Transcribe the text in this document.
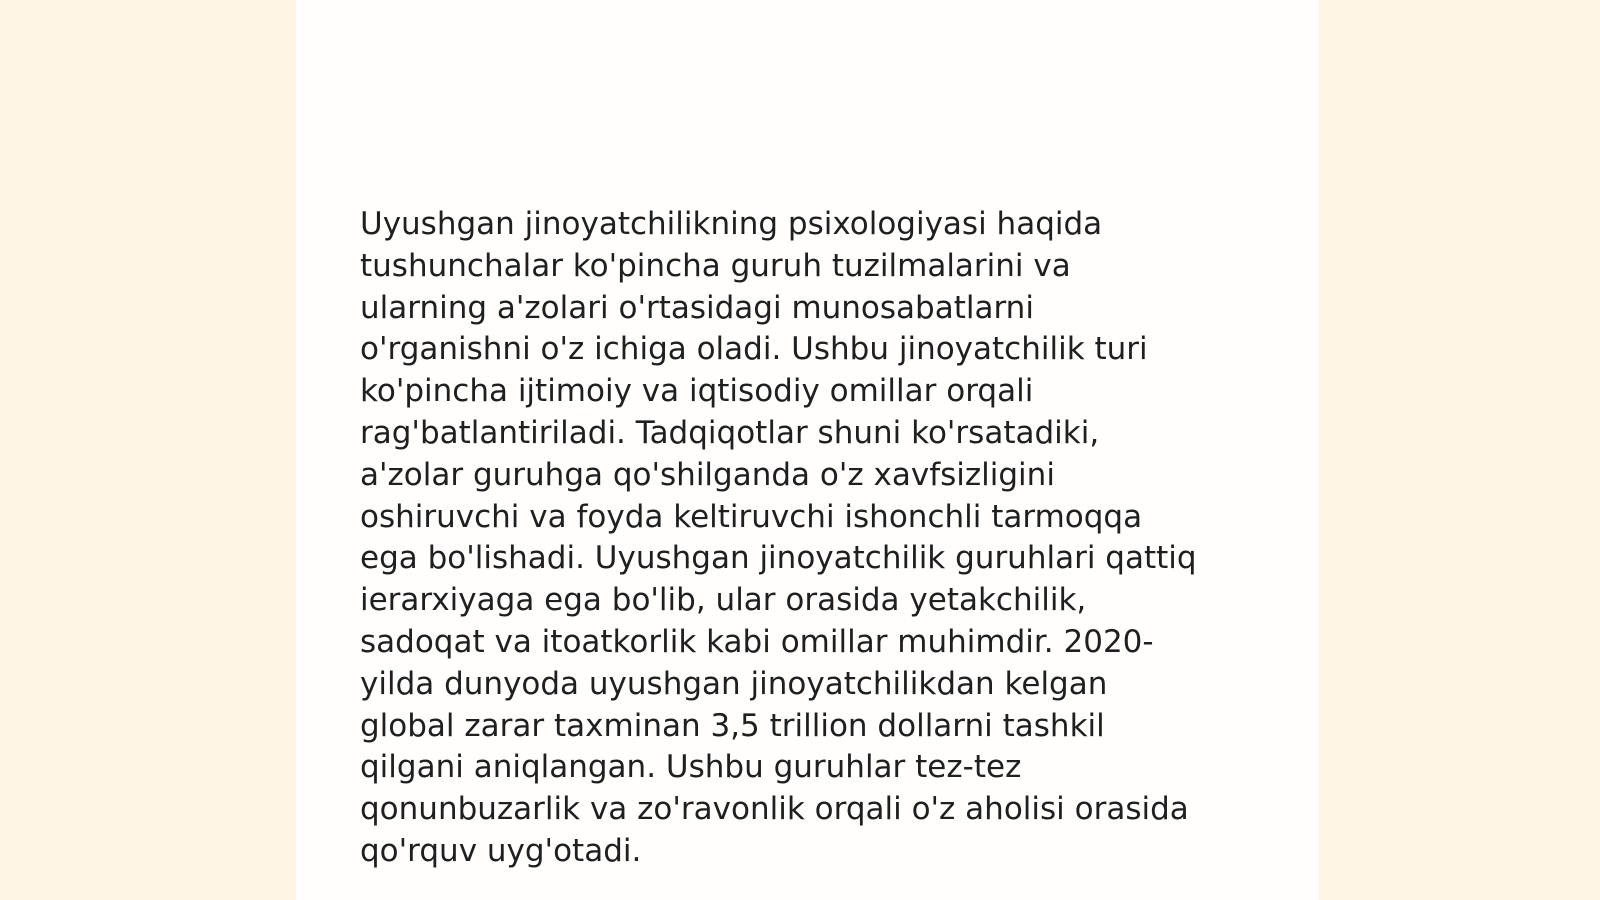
Uyushgan jinoyatchilikning psixologiyasi haqida
tushunchalar ko'pincha guruh tuzilmalarini va
ularning a'zolari o'rtasidagi munosabatlarni
o'rganishni o'z ichiga oladi. Ushbu jinoyatchilik turi
ko'pincha ijtimoiy va iqtisodiy omillar orqali
rag'batlantiriladi. Tadqiqotlar shuni ko'rsatadiki,
a'zolar guruhga qo'shilganda o'z xavfsizligini
oshiruvchi va foyda keltiruvchi ishonchli tarmoqqa
ega bo'lishadi. Uyushgan jinoyatchilik guruhlari qattiq
ierarxiyaga ega bo'lib, ular orasida yetakchilik,
sadoqat va itoatkorlik kabi omillar muhimdir. 2020-
yilda dunyoda uyushgan jinoyatchilikdan kelgan
global zarar taxminan 3,5 trillion dollarni tashkil
qilgani aniqlangan. Ushbu guruhlar tez-tez
qonunbuzarlik va zo'ravonlik orqali o'z aholisi orasida
qo'rquv uyg'otadi.
